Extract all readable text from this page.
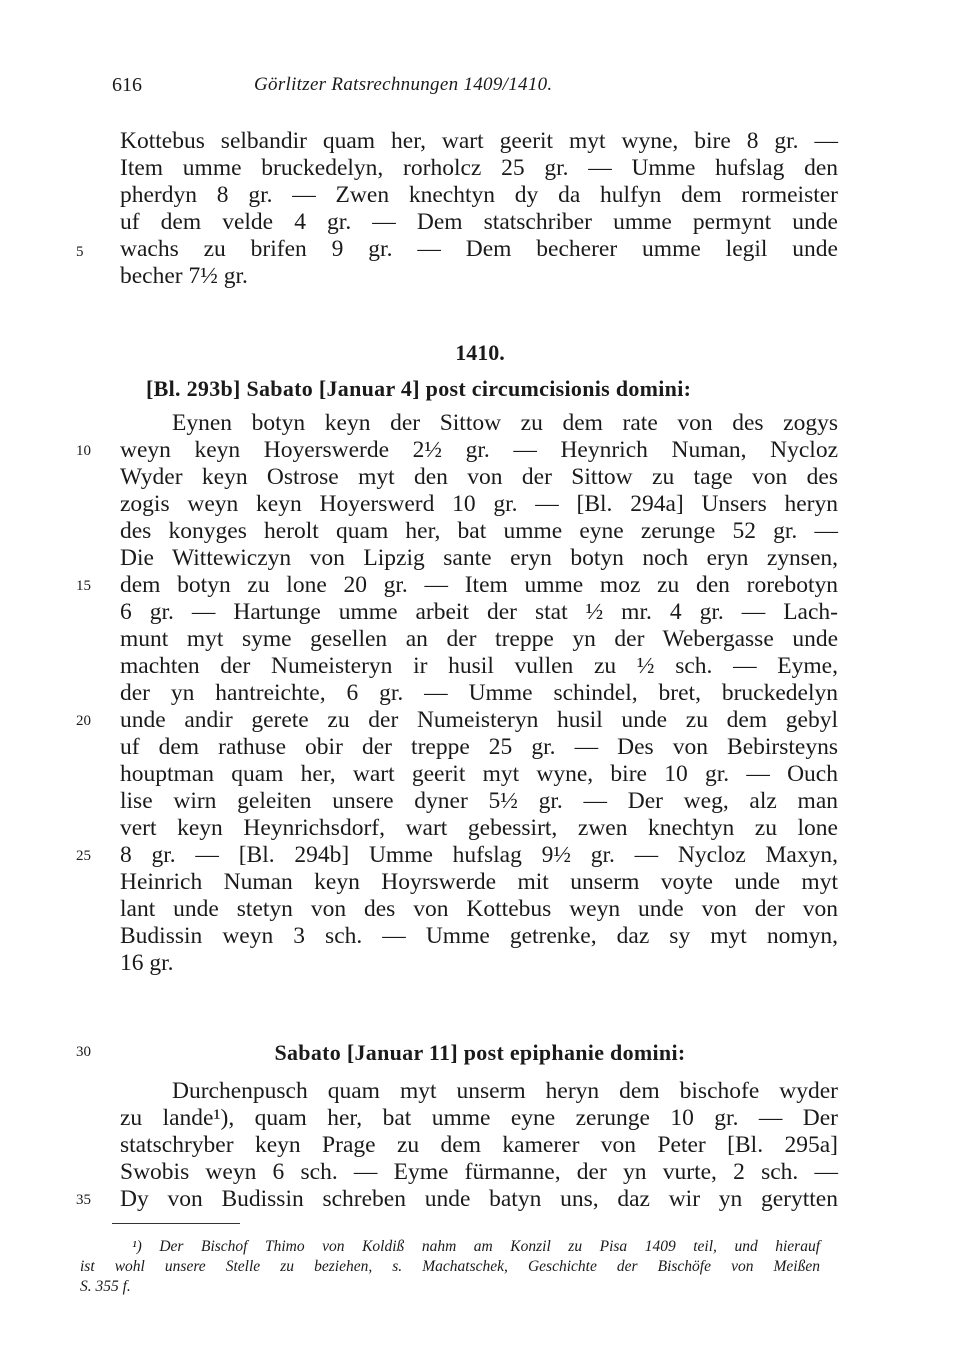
616	Görlitzer Ratsrechnungen 1409/1410.
Kottebus selbandir quam her, wart geerit myt wyne, bire 8 gr. —
Item umme bruckedelyn, rorholcz 25 gr. — Umme hufslag den
pherdyn 8 gr. — Zwen knechtyn dy da hulfyn dem rormeister
uf dem velde 4 gr. — Dem statschriber umme permynt unde
wachs zu brifen 9 gr. — Dem becherer umme legil unde
becher 7½ gr.
5
1410.
[Bl. 293b] Sabato [Januar 4] post circumcisionis domini:
Eynen botyn keyn der Sittow zu dem rate von des zogys
weyn keyn Hoyerswerde 2½ gr. — Heynrich Numan, Nycloz
Wyder keyn Ostrose myt den von der Sittow zu tage von des
zogis weyn keyn Hoyerswerd 10 gr. — [Bl. 294a] Unsers heryn
des konyges herolt quam her, bat umme eyne zerunge 52 gr. —
Die Wittewiczyn von Lipzig sante eryn botyn noch eryn zynsen,
dem botyn zu lone 20 gr. — Item umme moz zu den rorebotyn
6 gr. — Hartunge umme arbeit der stat ½ mr. 4 gr. — Lach-
munt myt syme gesellen an der treppe yn der Webergasse unde
machten der Numeisteryn ir husil vullen zu ½ sch. — Eyme,
der yn hantreichte, 6 gr. — Umme schindel, bret, bruckedelyn
unde andir gerete zu der Numeisteryn husil unde zu dem gebyl
uf dem rathuse obir der treppe 25 gr. — Des von Bebirsteyns
houptman quam her, wart geerit myt wyne, bire 10 gr. — Ouch
lise wirn geleiten unsere dyner 5½ gr. — Der weg, alz man
vert keyn Heynrichsdorf, wart gebessirt, zwen knechtyn zu lone
8 gr. — [Bl. 294b] Umme hufslag 9½ gr. — Nycloz Maxyn,
Heinrich Numan keyn Hoyrswerde mit unserm voyte unde myt
lant unde stetyn von des von Kottebus weyn unde von der von
Budissin weyn 3 sch. — Umme getrenke, daz sy myt nomyn,
16 gr.
10
15
20
25
Sabato [Januar 11] post epiphanie domini:
30
Durchenpusch quam myt unserm heryn dem bischofe wyder
zu lande¹), quam her, bat umme eyne zerunge 10 gr. — Der
statschryber keyn Prage zu dem kamerer von Peter [Bl. 295a]
Swobis weyn 6 sch. — Eyme fürmanne, der yn vurte, 2 sch. —
Dy von Budissin schreben unde batyn uns, daz wir yn gerytten
35
¹) Der Bischof Thimo von Koldiß nahm am Konzil zu Pisa 1409 teil, und hierauf
ist wohl unsere Stelle zu beziehen, s. Machatschek, Geschichte der Bischöfe von Meißen
S. 355 f.
